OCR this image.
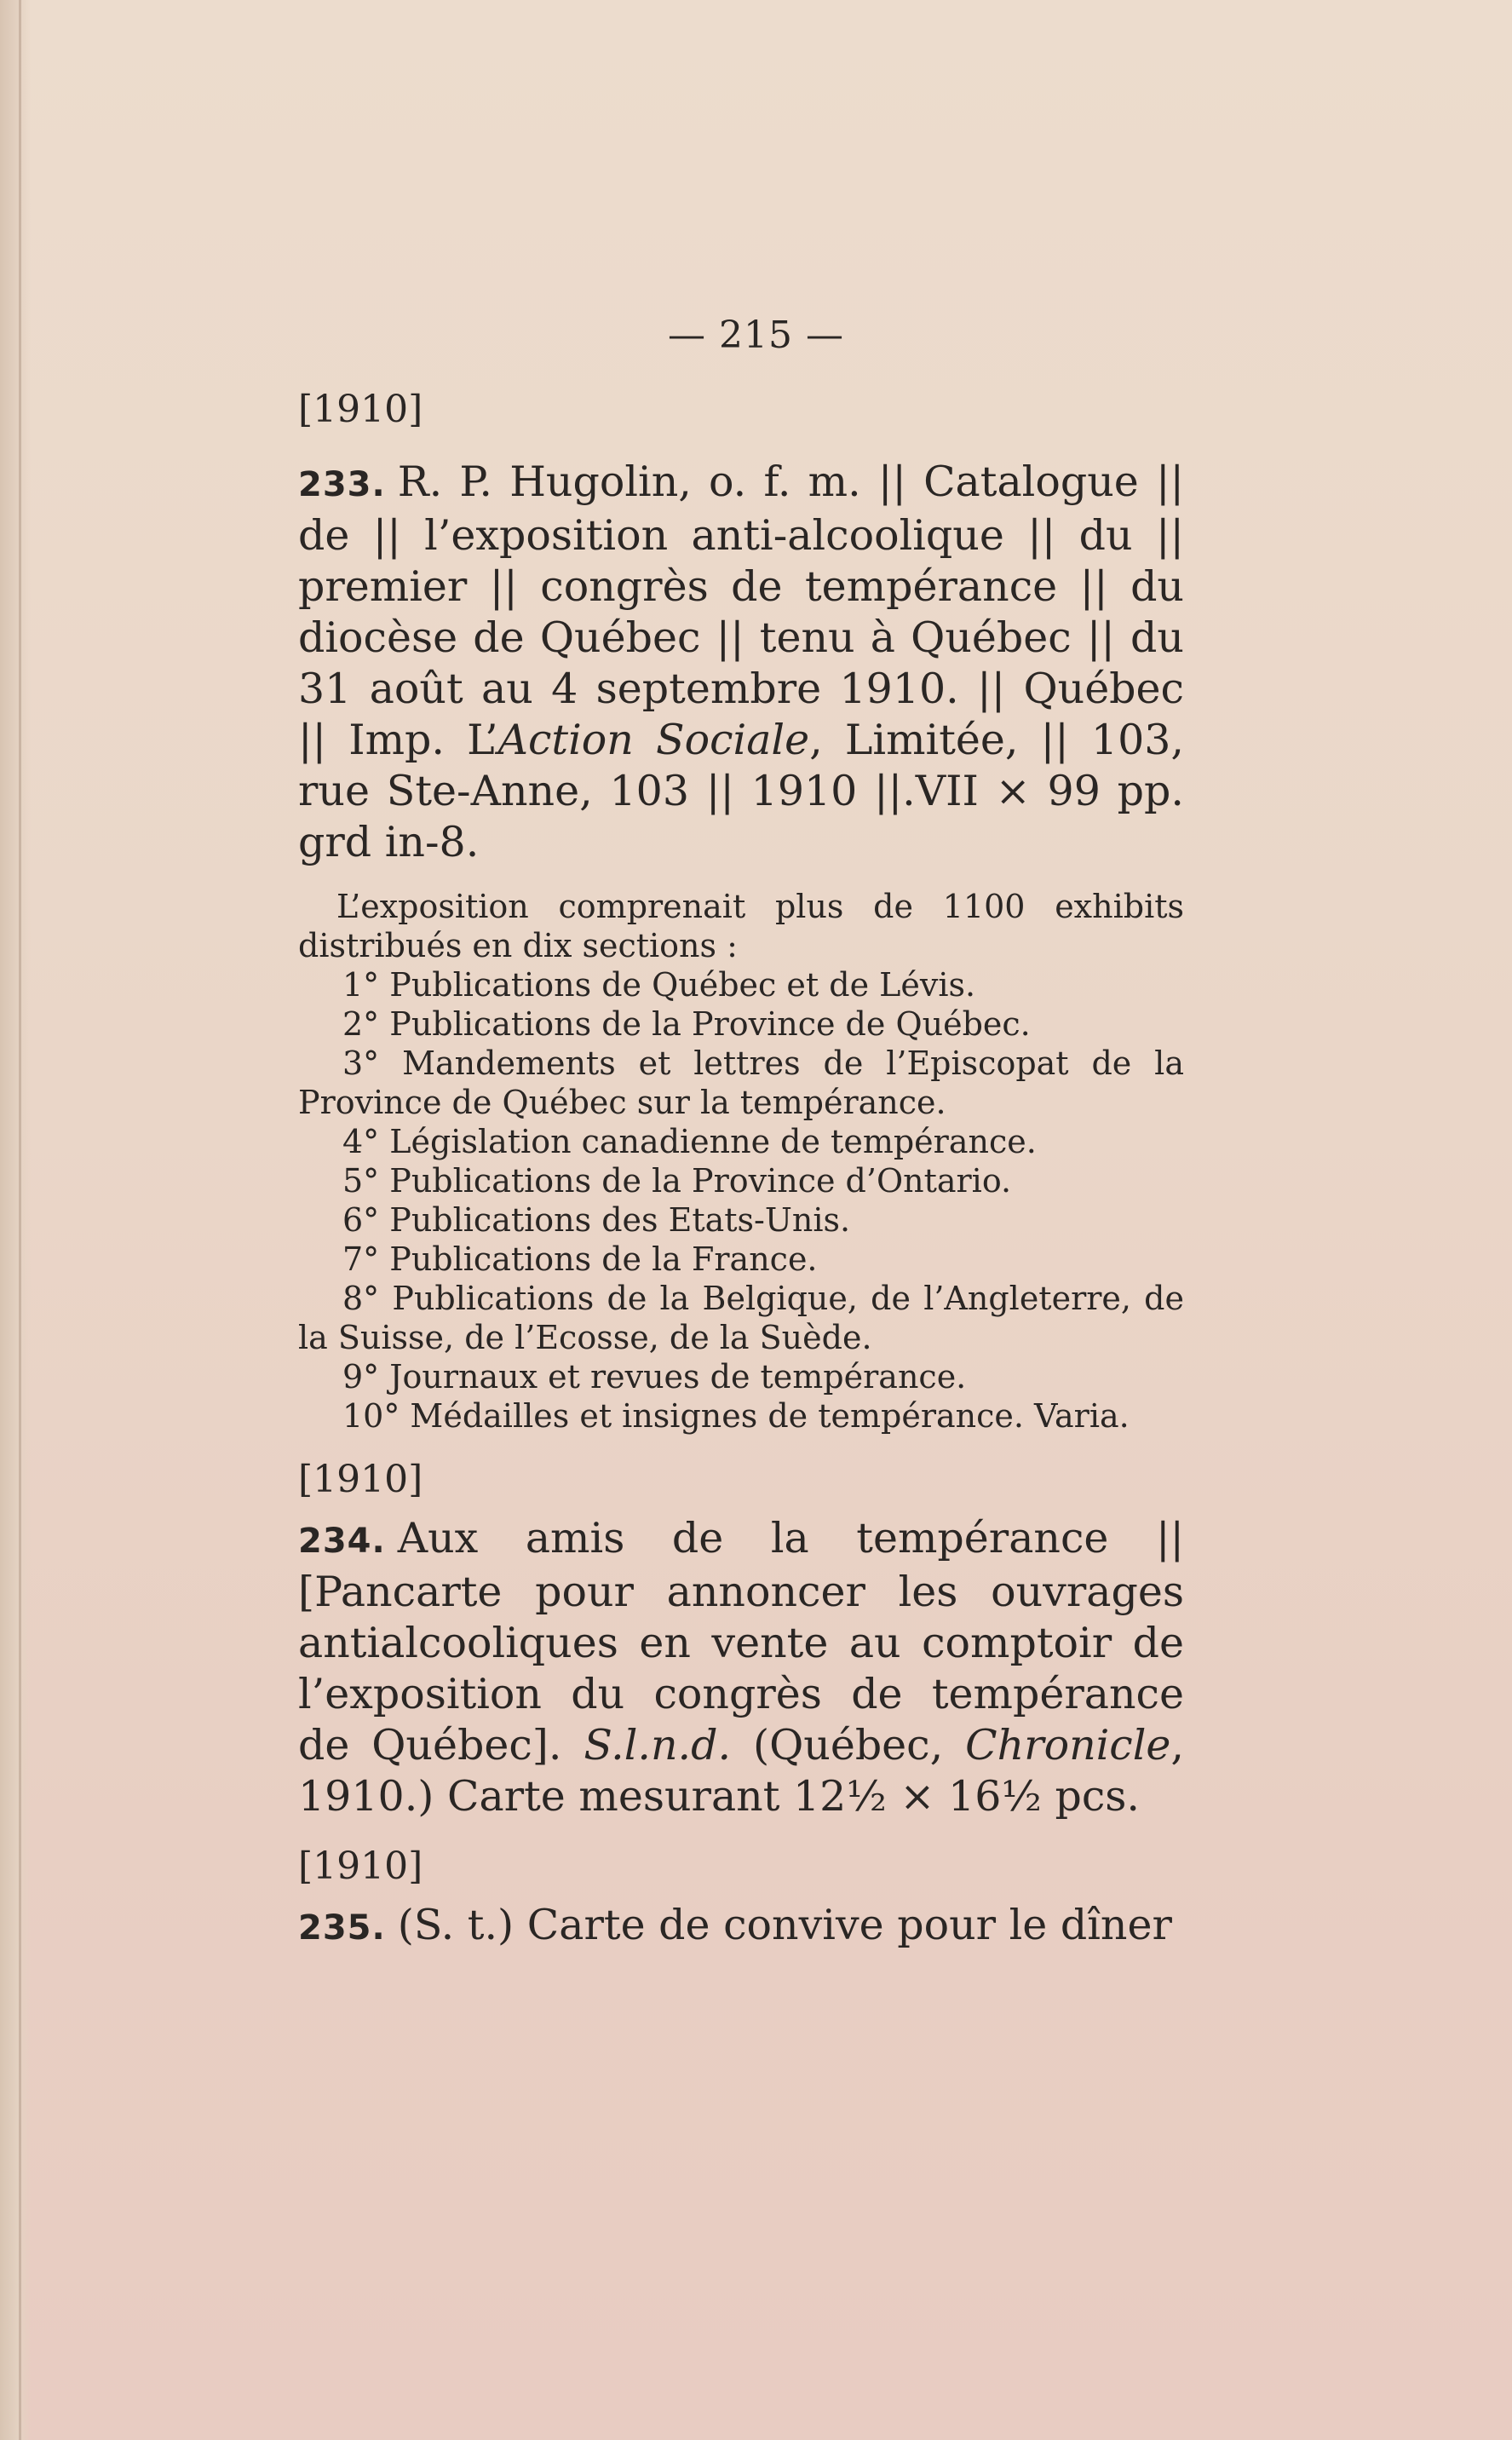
— 215 —

[1910]

233. R. P. Hugolin, o. f. m. || Catalogue || de || l’exposition anti-alcoolique || du || premier || congrès de tempérance || du diocèse de Québec || tenu à Québec || du 31 août au 4 septembre 1910. || Québec || Imp. L’Action Sociale, Limitée, || 103, rue Ste-Anne, 103 || 1910 ||.VII × 99 pp. grd in-8.

L’exposition comprenait plus de 1100 exhibits distribués en dix sections :

1° Publications de Québec et de Lévis.
2° Publications de la Province de Québec.
3° Mandements et lettres de l’Episcopat de la Province de Québec sur la tempérance.
4° Législation canadienne de tempérance.
5° Publications de la Province d’Ontario.
6° Publications des Etats-Unis.
7° Publications de la France.
8° Publications de la Belgique, de l’Angleterre, de la Suisse, de l’Ecosse, de la Suède.
9° Journaux et revues de tempérance.
10° Médailles et insignes de tempérance. Varia.

[1910]

234. Aux amis de la tempérance || [Pancarte pour annoncer les ouvrages antialcooliques en vente au comptoir de l’exposition du congrès de tempérance de Québec]. S.l.n.d. (Québec, Chronicle, 1910.) Carte mesurant 12½ × 16½ pcs.

[1910]

235. (S. t.) Carte de convive pour le dîner
